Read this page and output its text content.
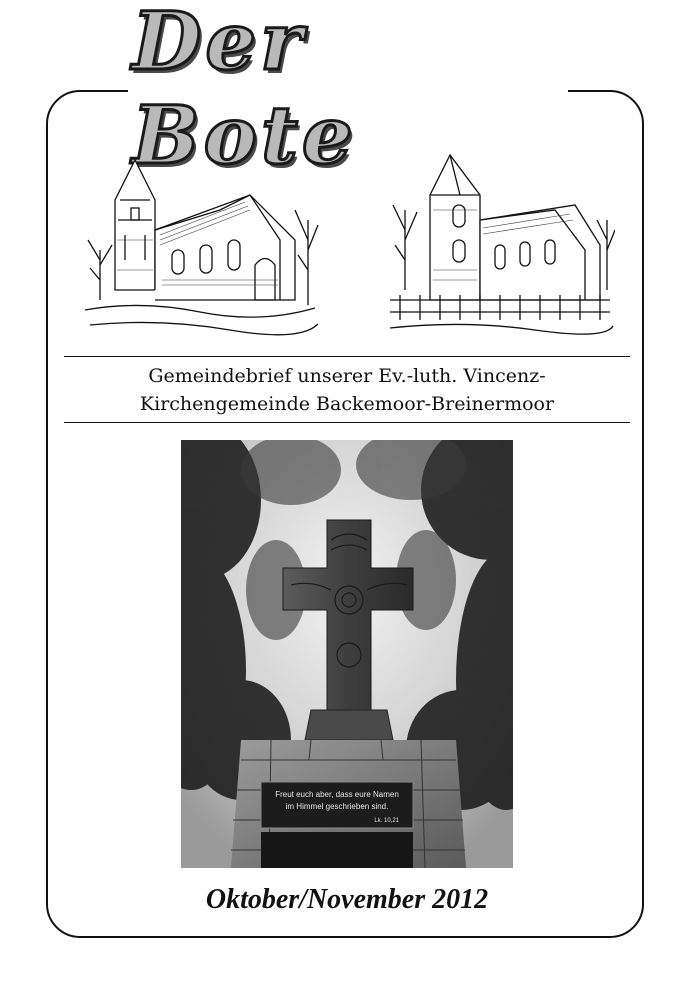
Der Bote
Gemeindebrief unserer Ev.-luth. Vincenz-
Kirchengemeinde Backemoor-Breinermoor
Freut euch aber, dass eure Namen
im Himmel geschrieben sind.
Lk. 10,21
Oktober/November 2012
